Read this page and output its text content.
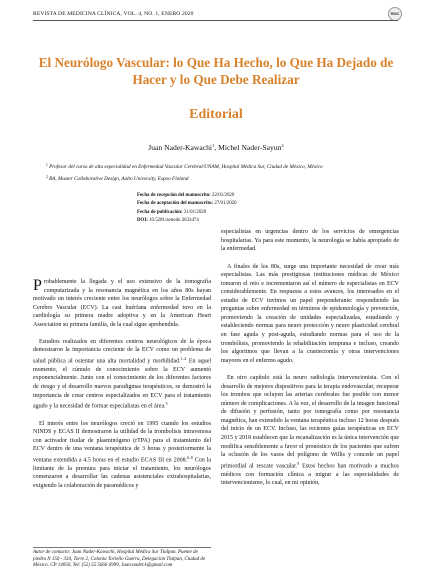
REVISTA DE MEDICINA CLÍNICA, VOL. 4, NO. 1, ENERO 2020	RMC
El Neurólogo Vascular: lo Que Ha Hecho, lo Que Ha Dejado de Hacer y lo Que Debe Realizar
Editorial
Juan Nader-Kawachi$^1$, Michel Nader-Sayun$^2$
$^1$ Profesor del curso de alta especialidad en Enfermedad Vascular Cerebral/UNAM, Hospital Médica Sur, Ciudad de México, México
$^2$ BA, Master Collaborative Design, Aalto University, Espoo Finland
Fecha de recepción del manuscrito: 22/01/2020
Fecha de aceptación del manuscrito: 27/01/2020
Fecha de publicación: 31/01/2020
DOI: 10.5281/zenodo.3633474

Probablemente la llegada y el uso extensivo de la tomografía computarizada y la resonancia magnética en los años 80s hayan motivado un interés creciente entre los neurólogos sobre la Enfermedad Cerebro Vascular (ECV). La casi huérfana enfermedad tuvo en la cardiología su primera madre adoptiva y en la American Heart Association su primera familia, de la cual sigue aprehendida.

 Estudios realizados en diferentes centros neurológicos de la época demostraron la importancia creciente de la ECV como un problema de salud pública al ostentar una alta mortalidad y morbilidad.$^{1-4}$ En aquel momento, el cúmulo de conocimiento sobre la ECV aumentó exponencialmente. Junto con el conocimiento de los diferentes factores de riesgo y el desarrollo nuevos paradigmas terapéuticos, se demostró la importancia de crear centros especializados en ECV para el tratamiento agudo y la necesidad de formar especialistas en el área.$^5$

 El interés entre los neurólogos creció en 1995 cuando los estudios NINDS y ECAS II demostraron la utilidad de la trombolisis intravenosa con activador tisular de plasminógeno (rTPA) para el tratamiento del ECV dentro de una ventana terapéutica de 3 horas y posteriormente la ventana extendida a 4.5 horas en el estudio ECAS III en 2008.$^{6-8}$ Con la limitante de la premura para iniciar el tratamiento, los neurólogos comenzaron a desarrollar las cadenas asistenciales extrahospitalarias, exigiendo la colaboración de paramédicos y

especialistas en urgencias dentro de los servicios de emergencias hospitalarias. Ya para este momento, la neurología se había apropiado de la enfermedad.

 A finales de los 80s, surge una importante necesidad de crear más especialistas. Las más prestigiosas instituciones médicas de México tomaron el reto e incrementaron así el número de especialistas en ECV considerablemente. En respuesta a estos avances, los interesados en el estudio de ECV tuvimos un papel preponderante: respondiendo las preguntas sobre enfermedad en términos de epidemiología y prevención, promoviendo la creación de unidades especializadas, estudiando y estableciendo normas para neuro protección y neuro plasticidad cerebral en fase aguda y post-aguda, estudiando normas para el uso de la trombólisis, promoviendo la rehabilitación temprana e incluso, creando los algoritmos que llevan a la craniectomía y otras intervenciones mayores en el enfermo agudo.

 En otro capítulo está la neuro radiología intervencionista. Con el desarrollo de mejores dispositivos para la terapia endovascular, recuperar los trombos que ocluyen las arterias cerebrales fue posible con menor número de complicaciones. A la vez, el desarrollo de la imagen funcional de difusión y perfusión, tanto por tomografía como por resonancia magnética, han extendido la ventana terapéutica incluso 12 horas después del inicio de un ECV. Incluso, las recientes guías terapéuticas en ECV 2015 y 2018 establecen que la recanalización es la única intervención que modifica sensiblemente a favor el pronóstico de los pacientes que sufren la oclusión de los vasos del polígono de Willis y concede un papel primordial al rescate vascular.$^9$ Estos hechos han motivado a muchos médicos con formación clínica a migrar a las especialidades de intervencionismo, lo cual, en mi opinión,

Autor de contacto: Juan Nader-Kawachi, Hospital Médica Sur Tlalpan. Puente de piedra N 150 - 334, Torre 2, Colonia Toriello Guerra, Delegación Tlalpan, Ciudad de México. CP 14050, Tel: (52) 55 5666 6999, Juan.nader.k@gmail.com
